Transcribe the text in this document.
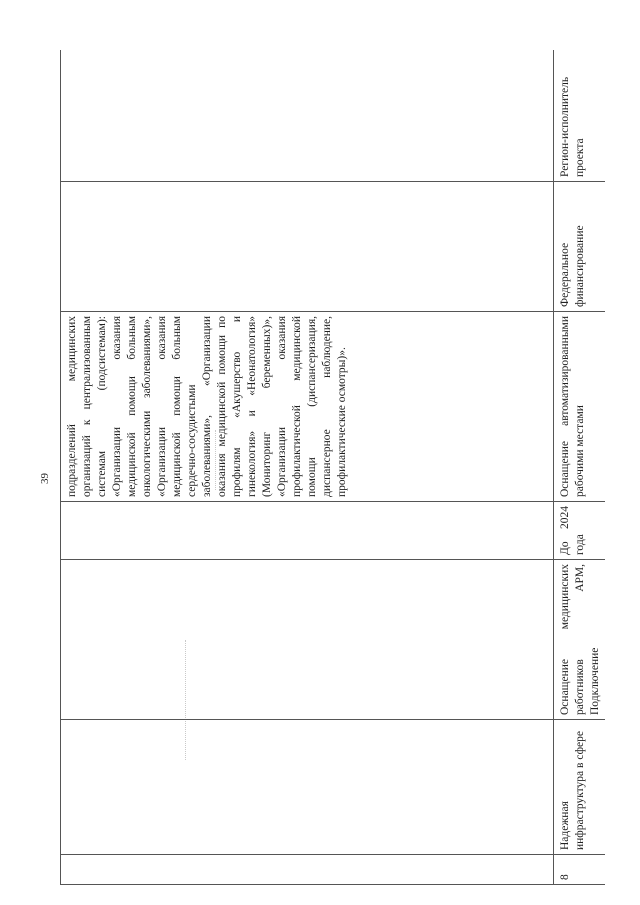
39
				подразделений медицинских организаций к централизованным системам (подсистемам): «Организации оказания медицинской помощи больным онкологическими заболеваниями», «Организации оказания медицинской помощи больным сердечно-сосудистыми заболеваниями», «Организации оказания медицинской помощи по профилям «Акушерство и гинекология» и «Неонатология» (Мониторинг беременных)», «Организации оказания профилактической медицинской помощи (диспансеризация, диспансерное наблюдение, профилактические осмотры)».		
8	Надежная инфраструктура в сфере	Оснащение медицинских работников АРМ, Подключение	До 2024 года	Оснащение автоматизированными рабочими местами	Федеральное финансирование	Регион-исполнитель проекта
